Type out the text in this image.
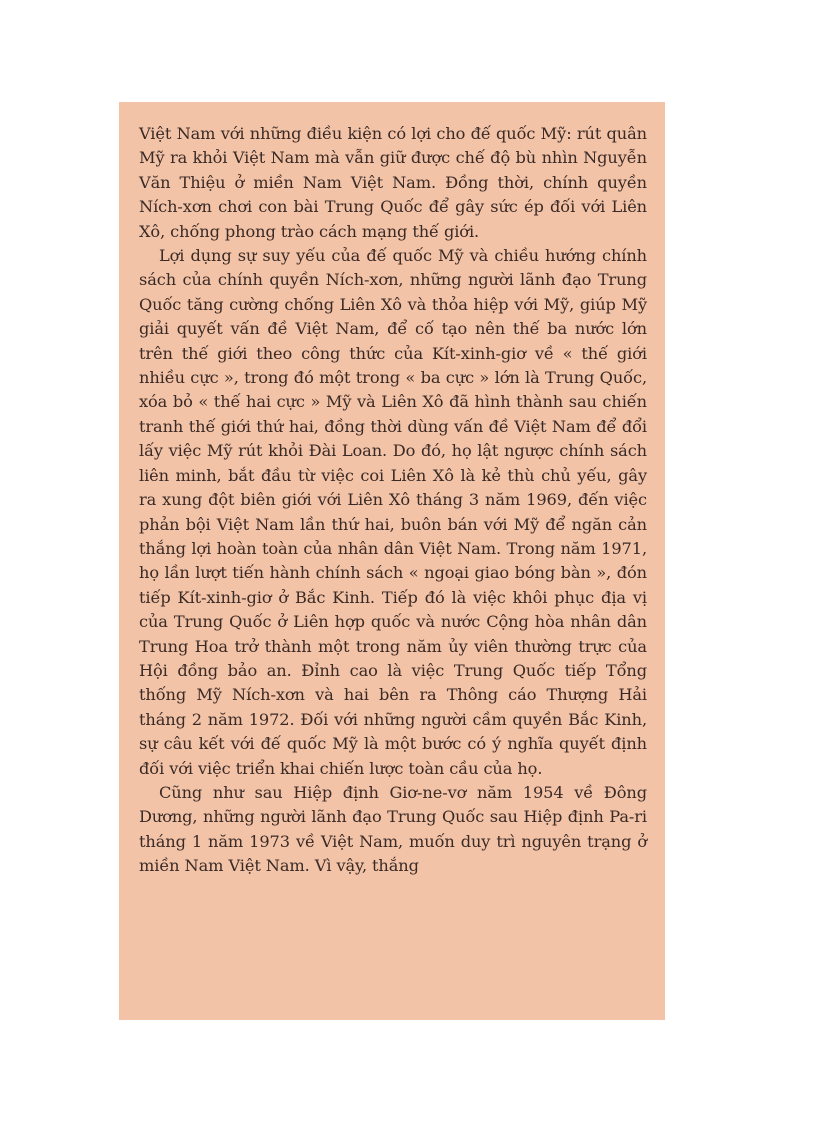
Việt Nam với những điều kiện có lợi cho đế quốc Mỹ: rút quân Mỹ ra khỏi Việt Nam mà vẫn giữ được chế độ bù nhìn Nguyễn Văn Thiệu ở miền Nam Việt Nam. Đồng thời, chính quyền Ních-xơn chơi con bài Trung Quốc để gây sức ép đối với Liên Xô, chống phong trào cách mạng thế giới.

Lợi dụng sự suy yếu của đế quốc Mỹ và chiều hướng chính sách của chính quyền Ních-xơn, những người lãnh đạo Trung Quốc tăng cường chống Liên Xô và thỏa hiệp với Mỹ, giúp Mỹ giải quyết vấn đề Việt Nam, để cố tạo nên thế ba nước lớn trên thế giới theo công thức của Kít-xinh-giơ về « thế giới nhiều cực », trong đó một trong « ba cực » lớn là Trung Quốc, xóa bỏ « thế hai cực » Mỹ và Liên Xô đã hình thành sau chiến tranh thế giới thứ hai, đồng thời dùng vấn đề Việt Nam để đổi lấy việc Mỹ rút khỏi Đài Loan. Do đó, họ lật ngược chính sách liên minh, bắt đầu từ việc coi Liên Xô là kẻ thù chủ yếu, gây ra xung đột biên giới với Liên Xô tháng 3 năm 1969, đến việc phản bội Việt Nam lần thứ hai, buôn bán với Mỹ để ngăn cản thắng lợi hoàn toàn của nhân dân Việt Nam. Trong năm 1971, họ lần lượt tiến hành chính sách « ngoại giao bóng bàn », đón tiếp Kít-xinh-giơ ở Bắc Kinh. Tiếp đó là việc khôi phục địa vị của Trung Quốc ở Liên hợp quốc và nước Cộng hòa nhân dân Trung Hoa trở thành một trong năm ủy viên thường trực của Hội đồng bảo an. Đỉnh cao là việc Trung Quốc tiếp Tổng thống Mỹ Ních-xơn và hai bên ra Thông cáo Thượng Hải tháng 2 năm 1972. Đối với những người cầm quyền Bắc Kinh, sự câu kết với đế quốc Mỹ là một bước có ý nghĩa quyết định đối với việc triển khai chiến lược toàn cầu của họ.

Cũng như sau Hiệp định Giơ-ne-vơ năm 1954 về Đông Dương, những người lãnh đạo Trung Quốc sau Hiệp định Pa-ri tháng 1 năm 1973 về Việt Nam, muốn duy trì nguyên trạng ở miền Nam Việt Nam. Vì vậy, thắng
